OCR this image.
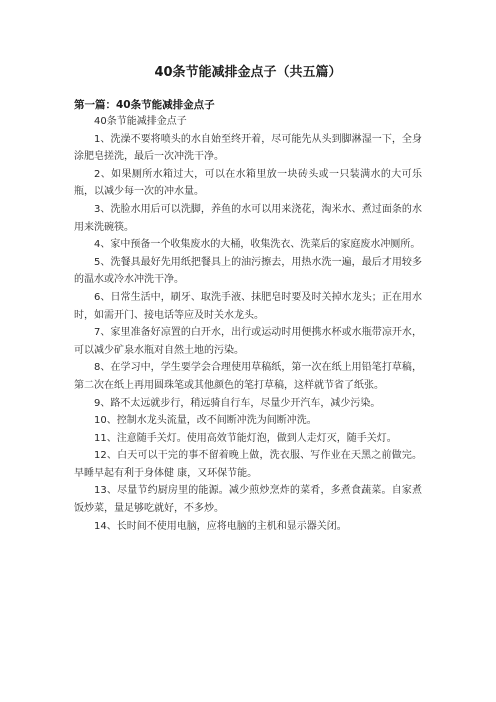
40条节能减排金点子（共五篇）
第一篇：40条节能减排金点子

40条节能减排金点子

1、洗澡不要将喷头的水自始至终开着，尽可能先从头到脚淋湿一下，全身涂肥皂搓洗，最后一次冲洗干净。

2、如果厕所水箱过大，可以在水箱里放一块砖头或一只装满水的大可乐瓶，以减少每一次的冲水量。

3、洗脸水用后可以洗脚，养鱼的水可以用来浇花，淘米水、煮过面条的水用来洗碗筷。

4、家中预备一个收集废水的大桶，收集洗衣、洗菜后的家庭废水冲厕所。

5、洗餐具最好先用纸把餐具上的油污擦去，用热水洗一遍，最后才用较多的温水或冷水冲洗干净。

6、日常生活中，刷牙、取洗手液、抹肥皂时要及时关掉水龙头；正在用水时，如需开门、接电话等应及时关水龙头。

7、家里准备好凉置的白开水，出行或运动时用便携水杯或水瓶带凉开水，可以减少矿泉水瓶对自然土地的污染。

8、在学习中，学生要学会合理使用草稿纸，第一次在纸上用铅笔打草稿，第二次在纸上再用圆珠笔或其他颜色的笔打草稿，这样就节省了纸张。

9、路不太远就步行，稍远骑自行车，尽量少开汽车，减少污染。

10、控制水龙头流量，改不间断冲洗为间断冲洗。

11、注意随手关灯。使用高效节能灯泡，做到人走灯灭，随手关灯。

12、白天可以干完的事不留着晚上做，洗衣服、写作业在天黑之前做完。早睡早起有利于身体健 康，又环保节能。

13、尽量节约厨房里的能源。减少煎炒烹炸的菜肴，多煮食蔬菜。自家煮饭炒菜，量足够吃就好，不多炒。

14、长时间不使用电脑，应将电脑的主机和显示器关闭。
